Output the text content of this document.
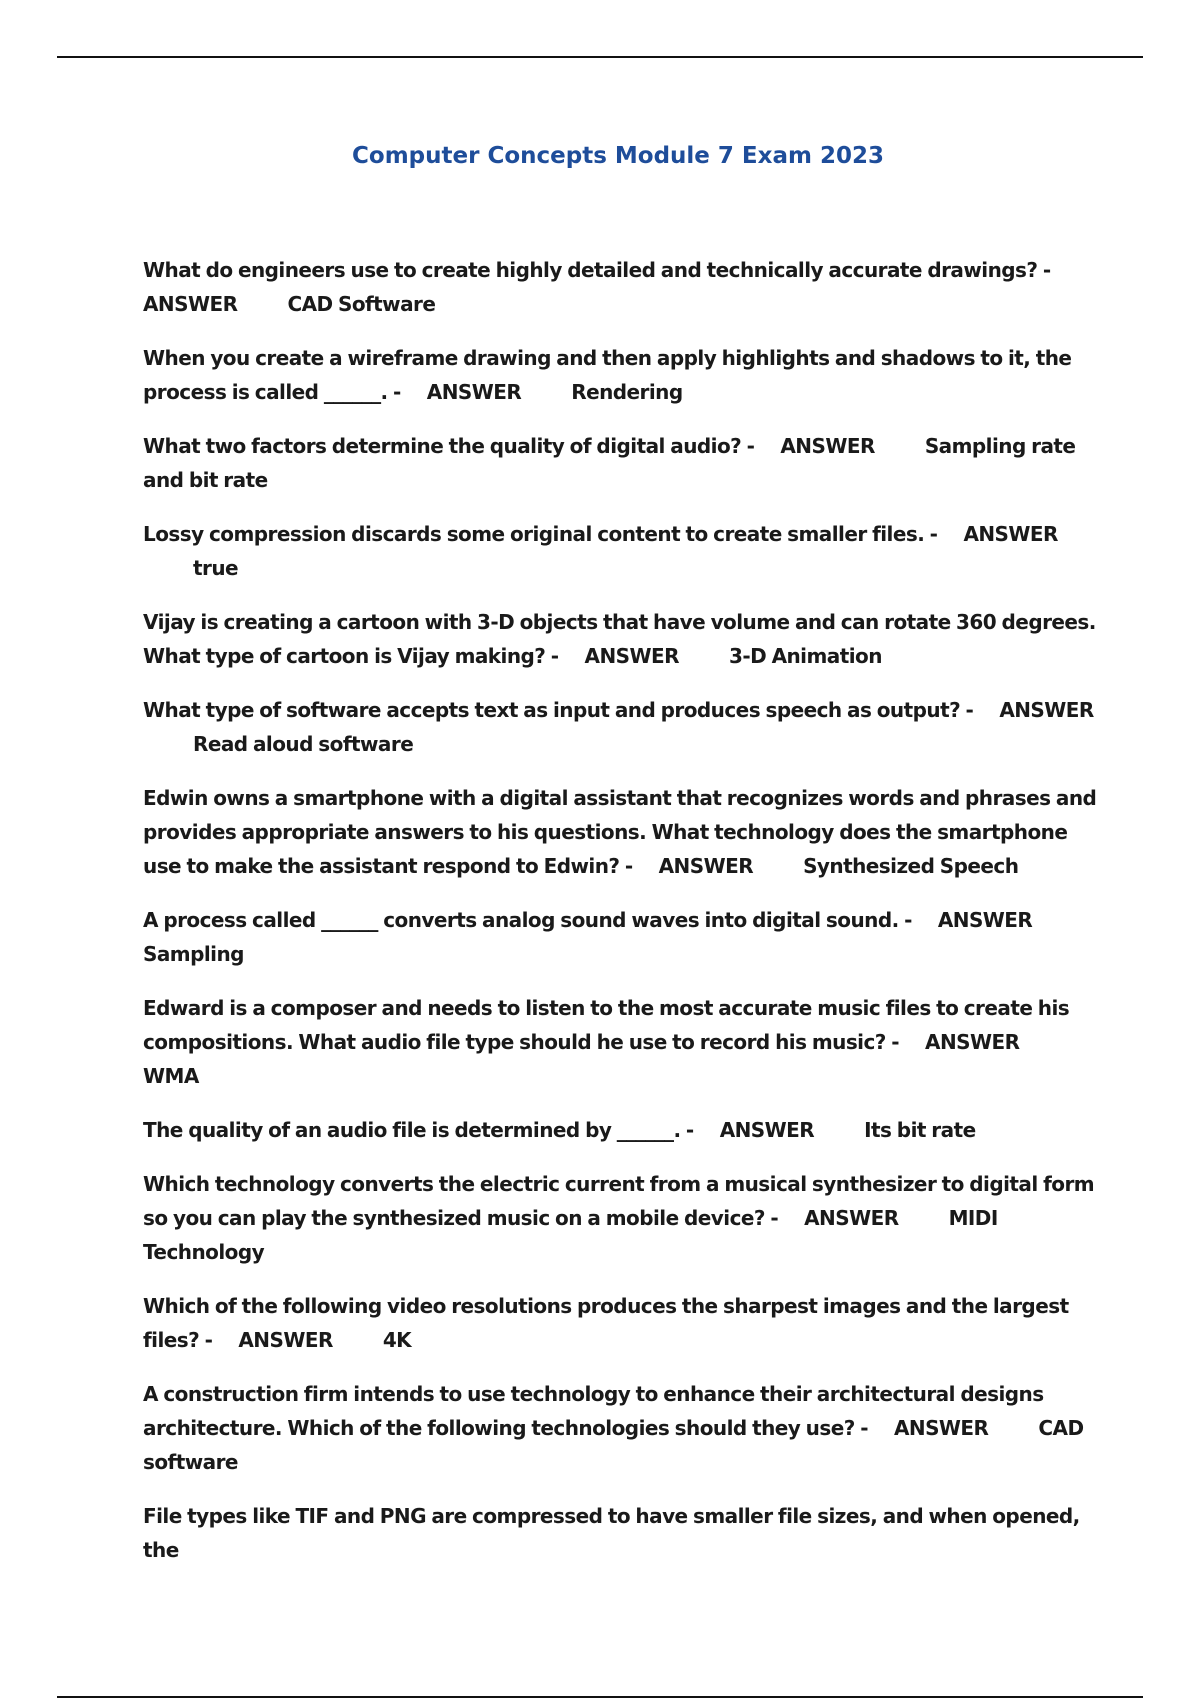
Computer Concepts Module 7 Exam 2023
What do engineers use to create highly detailed and technically accurate drawings? -ANSWER	CAD Software
When you create a wireframe drawing and then apply highlights and shadows to it, the process is called ______. - ANSWER	Rendering
What two factors determine the quality of digital audio? - ANSWER	Sampling rate and bit rate
Lossy compression discards some original content to create smaller files. - ANSWERtrue
Vijay is creating a cartoon with 3-D objects that have volume and can rotate 360 degrees. What type of cartoon is Vijay making? - ANSWER	3-D Animation
What type of software accepts text as input and produces speech as output? - ANSWERRead aloud software
Edwin owns a smartphone with a digital assistant that recognizes words and phrases and provides appropriate answers to his questions. What technology does the smartphone use to make the assistant respond to Edwin? - ANSWER	Synthesized Speech
A process called ______ converts analog sound waves into digital sound. - ANSWERSampling
Edward is a composer and needs to listen to the most accurate music files to create his compositions. What audio file type should he use to record his music? - ANSWERWMA
The quality of an audio file is determined by ______. - ANSWER	Its bit rate
Which technology converts the electric current from a musical synthesizer to digital form so you can play the synthesized music on a mobile device? - ANSWER	MIDI Technology
Which of the following video resolutions produces the sharpest images and the largest files? - ANSWER	4K
A construction firm intends to use technology to enhance their architectural designs architecture. Which of the following technologies should they use? - ANSWER	CAD software
File types like TIF and PNG are compressed to have smaller file sizes, and when opened, the
